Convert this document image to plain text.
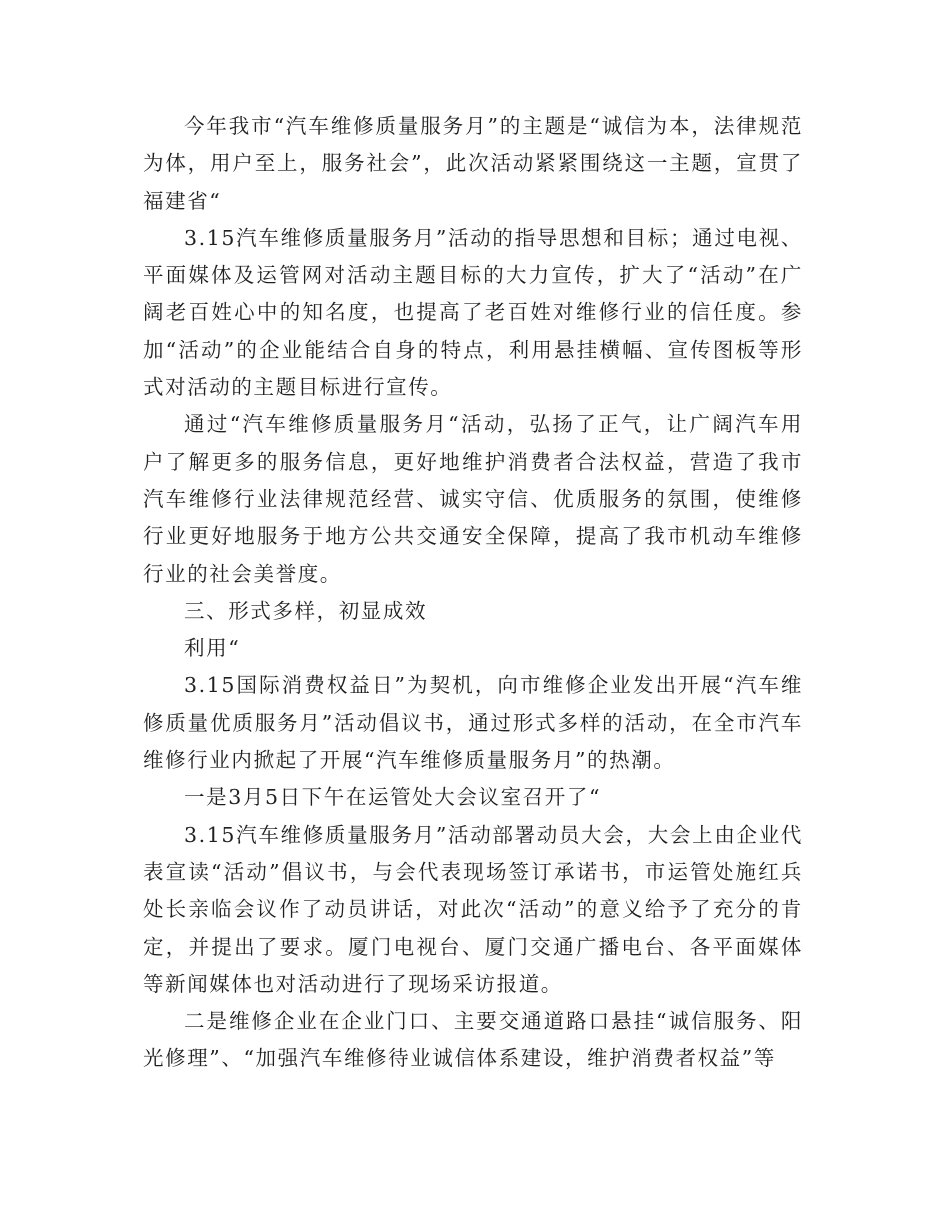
今年我市“汽车维修质量服务月”的主题是“诚信为本，法律规范为体，用户至上，服务社会”，此次活动紧紧围绕这一主题，宣贯了福建省“

3.15汽车维修质量服务月”活动的指导思想和目标；通过电视、平面媒体及运管网对活动主题目标的大力宣传，扩大了“活动”在广阔老百姓心中的知名度，也提高了老百姓对维修行业的信任度。参加“活动”的企业能结合自身的特点，利用悬挂横幅、宣传图板等形式对活动的主题目标进行宣传。

通过“汽车维修质量服务月“活动，弘扬了正气，让广阔汽车用户了解更多的服务信息，更好地维护消费者合法权益，营造了我市汽车维修行业法律规范经营、诚实守信、优质服务的氛围，使维修行业更好地服务于地方公共交通安全保障，提高了我市机动车维修行业的社会美誉度。

三、形式多样，初显成效

利用“

3.15国际消费权益日”为契机，向市维修企业发出开展“汽车维修质量优质服务月”活动倡议书，通过形式多样的活动，在全市汽车维修行业内掀起了开展“汽车维修质量服务月”的热潮。

一是3月5日下午在运管处大会议室召开了“

3.15汽车维修质量服务月”活动部署动员大会，大会上由企业代表宣读“活动”倡议书，与会代表现场签订承诺书，市运管处施红兵处长亲临会议作了动员讲话，对此次“活动”的意义给予了充分的肯定，并提出了要求。厦门电视台、厦门交通广播电台、各平面媒体等新闻媒体也对活动进行了现场采访报道。

二是维修企业在企业门口、主要交通道路口悬挂“诚信服务、阳光修理”、“加强汽车维修待业诚信体系建设，维护消费者权益”等
